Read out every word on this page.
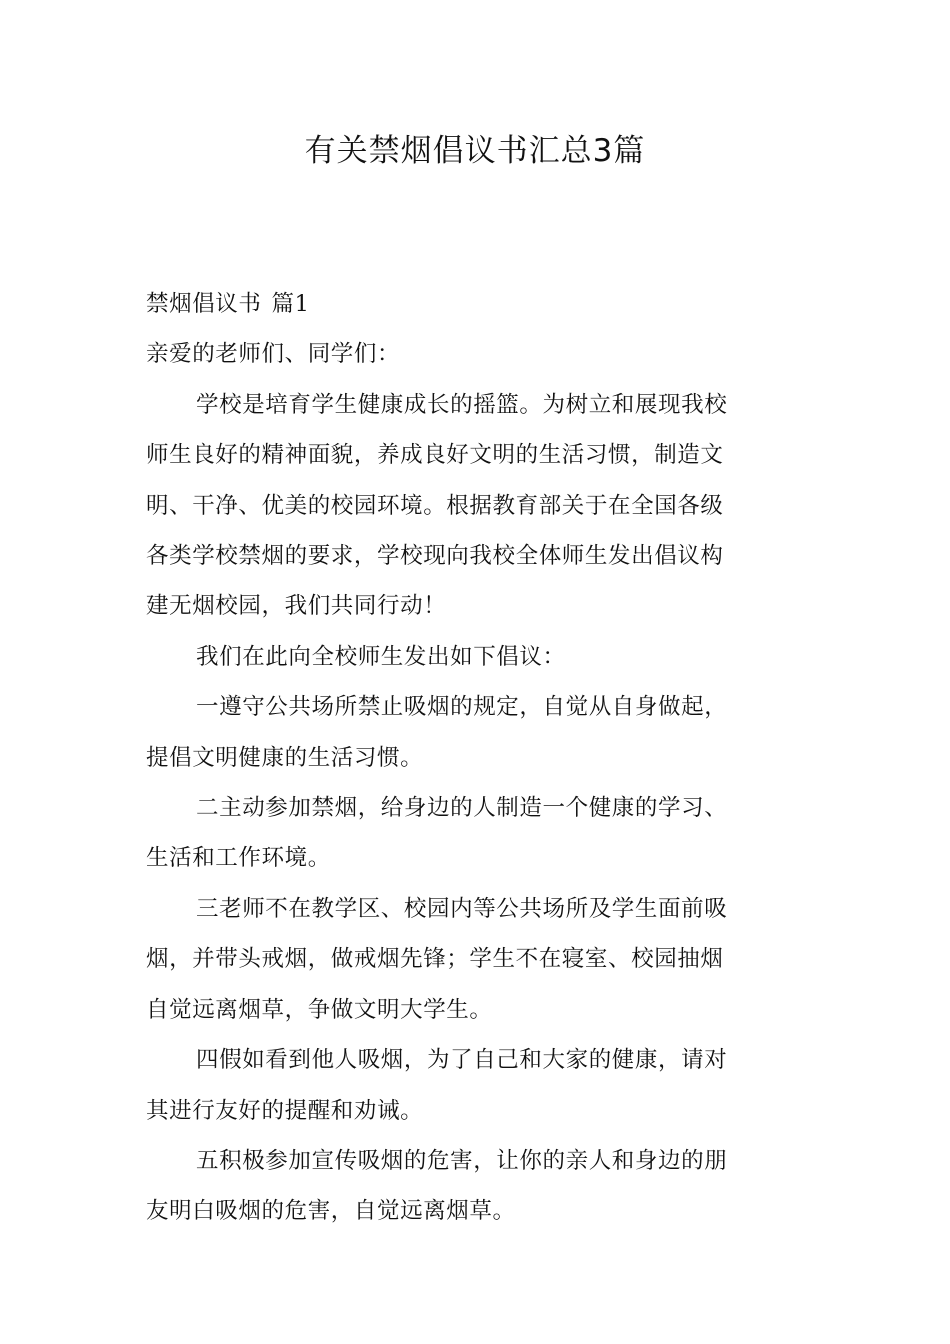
有关禁烟倡议书汇总3篇

禁烟倡议书 篇1

亲爱的老师们、同学们：

学校是培育学生健康成长的摇篮。为树立和展现我校

师生良好的精神面貌，养成良好文明的生活习惯，制造文

明、干净、优美的校园环境。根据教育部关于在全国各级

各类学校禁烟的要求，学校现向我校全体师生发出倡议构

建无烟校园，我们共同行动！

我们在此向全校师生发出如下倡议：

一遵守公共场所禁止吸烟的规定，自觉从自身做起，

提倡文明健康的生活习惯。

二主动参加禁烟，给身边的人制造一个健康的学习、

生活和工作环境。

三老师不在教学区、校园内等公共场所及学生面前吸

烟，并带头戒烟，做戒烟先锋；学生不在寝室、校园抽烟

自觉远离烟草，争做文明大学生。

四假如看到他人吸烟，为了自己和大家的健康，请对

其进行友好的提醒和劝诫。

五积极参加宣传吸烟的危害，让你的亲人和身边的朋

友明白吸烟的危害，自觉远离烟草。
